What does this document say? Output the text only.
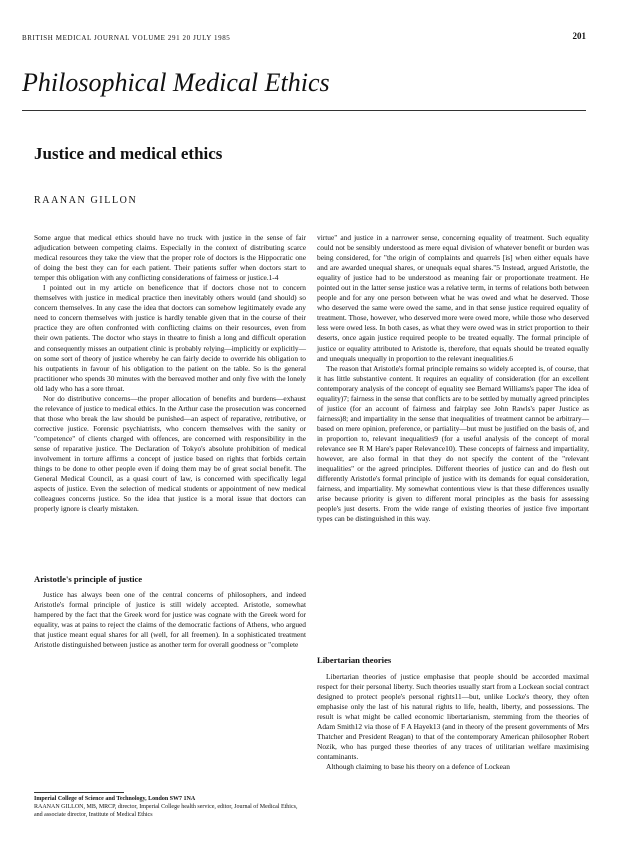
BRITISH MEDICAL JOURNAL VOLUME 291 20 JULY 1985	201
Philosophical Medical Ethics
Justice and medical ethics
RAANAN GILLON

Some argue that medical ethics should have no truck with justice in the sense of fair adjudication between competing claims. Especially in the context of distributing scarce medical resources they take the view that the proper role of doctors is the Hippocratic one of doing the best they can for each patient. Their patients suffer when doctors start to temper this obligation with any conflicting considerations of fairness or justice.1-4

I pointed out in my article on beneficence that if doctors chose not to concern themselves with justice in medical practice then inevitably others would (and should) so concern themselves. In any case the idea that doctors can somehow legitimately evade any need to concern themselves with justice is hardly tenable given that in the course of their practice they are often confronted with conflicting claims on their resources, even from their own patients. The doctor who stays in theatre to finish a long and difficult operation and consequently misses an outpatient clinic is probably relying—implicitly or explicitly—on some sort of theory of justice whereby he can fairly decide to override his obligation to his outpatients in favour of his obligation to the patient on the table. So is the general practitioner who spends 30 minutes with the bereaved mother and only five with the lonely old lady who has a sore throat.

Nor do distributive concerns—the proper allocation of benefits and burdens—exhaust the relevance of justice to medical ethics. In the Arthur case the prosecution was concerned that those who break the law should be punished—an aspect of reparative, retributive, or corrective justice. Forensic psychiatrists, who concern themselves with the sanity or "competence" of clients charged with offences, are concerned with responsibility in the sense of reparative justice. The Declaration of Tokyo's absolute prohibition of medical involvement in torture affirms a concept of justice based on rights that forbids certain things to be done to other people even if doing them may be of great social benefit. The General Medical Council, as a quasi court of law, is concerned with specifically legal aspects of justice. Even the selection of medical students or appointment of new medical colleagues concerns justice. So the idea that justice is a moral issue that doctors can properly ignore is clearly mistaken.

Aristotle's principle of justice

Justice has always been one of the central concerns of philosophers, and indeed Aristotle's formal principle of justice is still widely accepted. Aristotle, somewhat hampered by the fact that the Greek word for justice was cognate with the Greek word for equality, was at pains to reject the claims of the democratic factions of Athens, who argued that justice meant equal shares for all (well, for all freemen). In a sophisticated treatment Aristotle distinguished between justice as another term for overall goodness or "complete

Imperial College of Science and Technology, London SW7 1NA
RAANAN GILLON, MB, MRCP, director, Imperial College health service, editor, Journal of Medical Ethics, and associate director, Institute of Medical Ethics

virtue" and justice in a narrower sense, concerning equality of treatment. Such equality could not be sensibly understood as mere equal division of whatever benefit or burden was being considered, for "the origin of complaints and quarrels [is] when either equals have and are awarded unequal shares, or unequals equal shares."5 Instead, argued Aristotle, the equality of justice had to be understood as meaning fair or proportionate treatment. He pointed out in the latter sense justice was a relative term, in terms of relations both between people and for any one person between what he was owed and what he deserved. Those who deserved the same were owed the same, and in that sense justice required equality of treatment. Those, however, who deserved more were owed more, while those who deserved less were owed less. In both cases, as what they were owed was in strict proportion to their deserts, once again justice required people to be treated equally. The formal principle of justice or equality attributed to Aristotle is, therefore, that equals should be treated equally and unequals unequally in proportion to the relevant inequalities.6

The reason that Aristotle's formal principle remains so widely accepted is, of course, that it has little substantive content. It requires an equality of consideration (for an excellent contemporary analysis of the concept of equality see Bernard Williams's paper The idea of equality)7; fairness in the sense that conflicts are to be settled by mutually agreed principles of justice (for an account of fairness and fairplay see John Rawls's paper Justice as fairness)8; and impartiality in the sense that inequalities of treatment cannot be arbitrary—based on mere opinion, preference, or partiality—but must be justified on the basis of, and in proportion to, relevant inequalities9 (for a useful analysis of the concept of moral relevance see R M Hare's paper Relevance10). These concepts of fairness and impartiality, however, are also formal in that they do not specify the content of the "relevant inequalities" or the agreed principles. Different theories of justice can and do flesh out differently Aristotle's formal principle of justice with its demands for equal consideration, fairness, and impartiality. My somewhat contentious view is that these differences usually arise because priority is given to different moral principles as the basis for assessing people's just deserts. From the wide range of existing theories of justice five important types can be distinguished in this way.

Libertarian theories

Libertarian theories of justice emphasise that people should be accorded maximal respect for their personal liberty. Such theories usually start from a Lockean social contract designed to protect people's personal rights11—but, unlike Locke's theory, they often emphasise only the last of his natural rights to life, health, liberty, and possessions. The result is what might be called economic libertarianism, stemming from the theories of Adam Smith12 via those of F A Hayek13 (and in theory of the present governments of Mrs Thatcher and President Reagan) to that of the contemporary American philosopher Robert Nozik, who has purged these theories of any traces of utilitarian welfare maximising contaminants.

Although claiming to base his theory on a defence of Lockean
